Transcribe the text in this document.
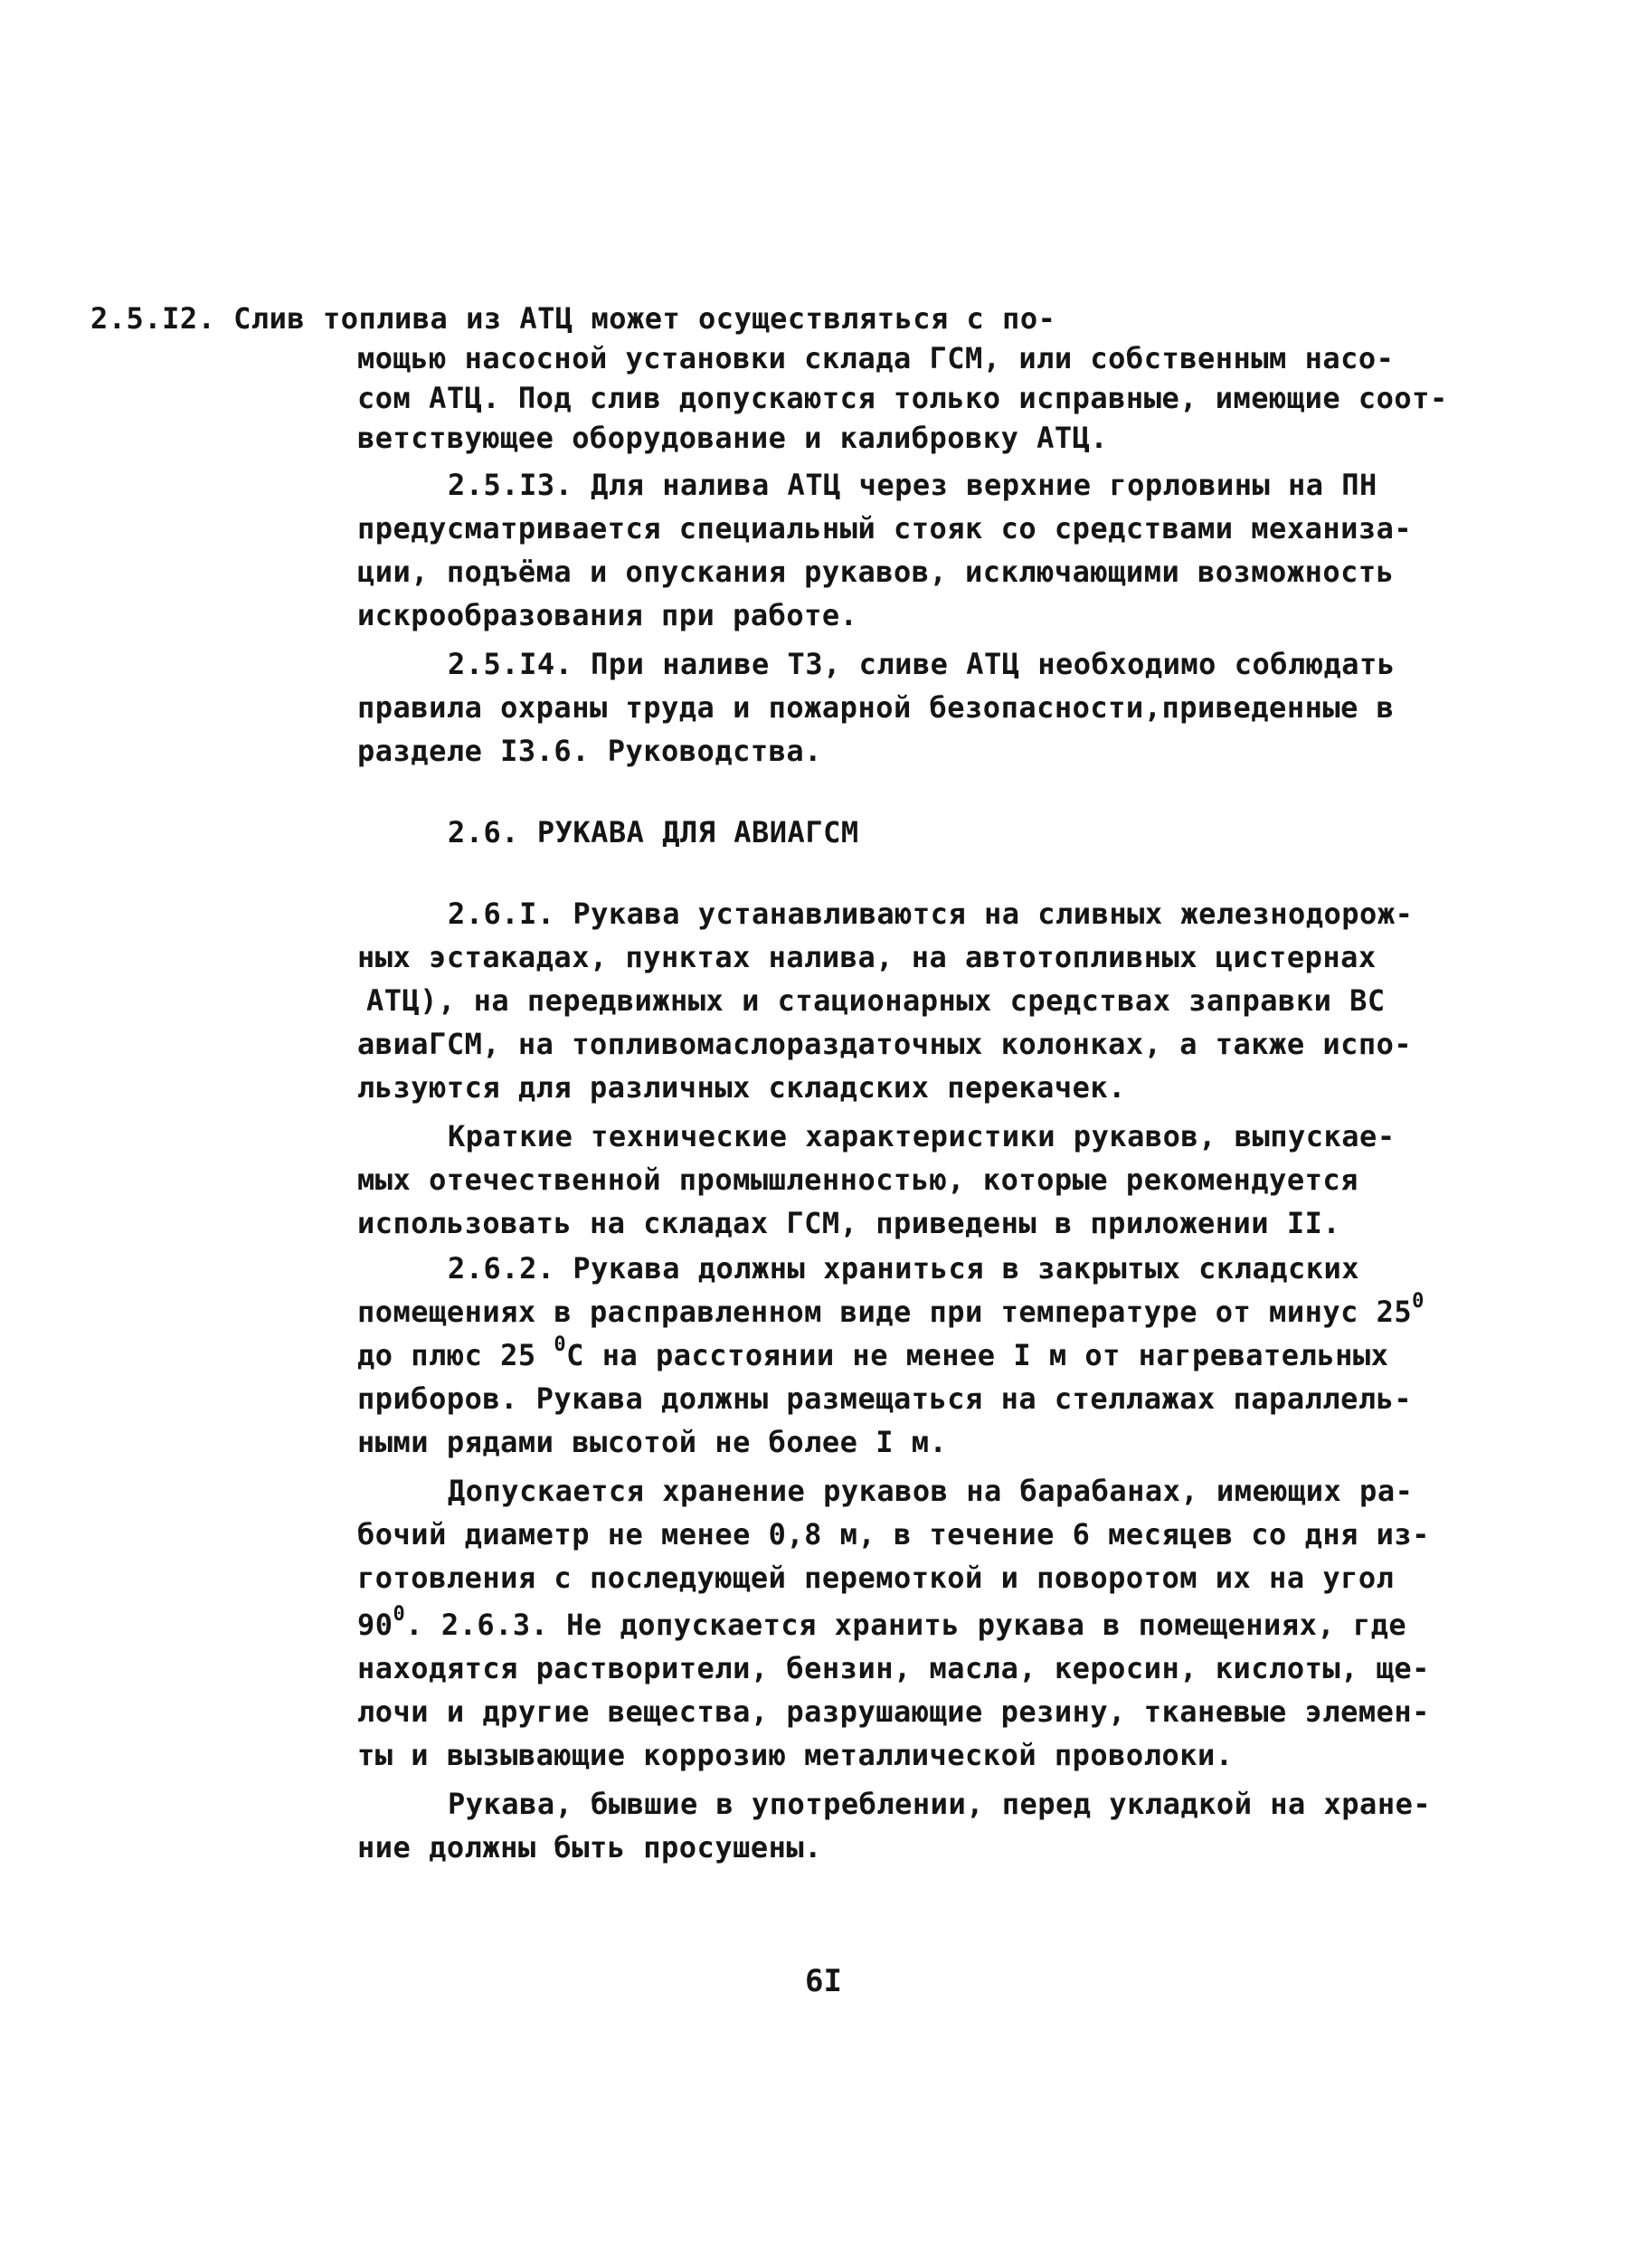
2.5.I2. Слив топлива из АТЦ может осуществляться с по-
мощью насосной установки склада ГСМ, или собственным насо-
сом АТЦ. Под слив допускаются только исправные, имеющие соот-
ветствующее оборудование и калибровку АТЦ.
2.5.I3. Для налива АТЦ через верхние горловины на ПН
предусматривается специальный стояк со средствами механиза-
ции, подъёма и опускания рукавов, исключающими возможность
искрообразования при работе.
2.5.I4. При наливе ТЗ, сливе АТЦ необходимо соблюдать
правила охраны труда и пожарной безопасности,приведенные в
разделе I3.6. Руководства.
2.6. РУКАВА ДЛЯ АВИАГСМ
2.6.I. Рукава устанавливаются на сливных железнодорож-
ных эстакадах, пунктах налива, на автотопливных цистернах
АТЦ), на передвижных и стационарных средствах заправки ВС
авиаГСМ, на топливомаслораздаточных колонках, а также испо-
льзуются для различных складских перекачек.
Краткие технические характеристики рукавов, выпускае-
мых отечественной промышленностью, которые рекомендуется
использовать на складах ГСМ, приведены в приложении II.
2.6.2. Рукава должны храниться в закрытых складских
помещениях в расправленном виде при температуре от минус $25^0$
до плюс 25 $^0$C на расстоянии не менее I м от нагревательных
приборов. Рукава должны размещаться на стеллажах параллель-
ными рядами высотой не более I м.
Допускается хранение рукавов на барабанах, имеющих ра-
бочий диаметр не менее 0,8 м, в течение 6 месяцев со дня из-
готовления с последующей перемоткой и поворотом их на угол
$90^0$. 2.6.3. Не допускается хранить рукава в помещениях, где
находятся растворители, бензин, масла, керосин, кислоты, ще-
лочи и другие вещества, разрушающие резину, тканевые элемен-
ты и вызывающие коррозию металлической проволоки.
Рукава, бывшие в употреблении, перед укладкой на хране-
ние должны быть просушены.
6I
